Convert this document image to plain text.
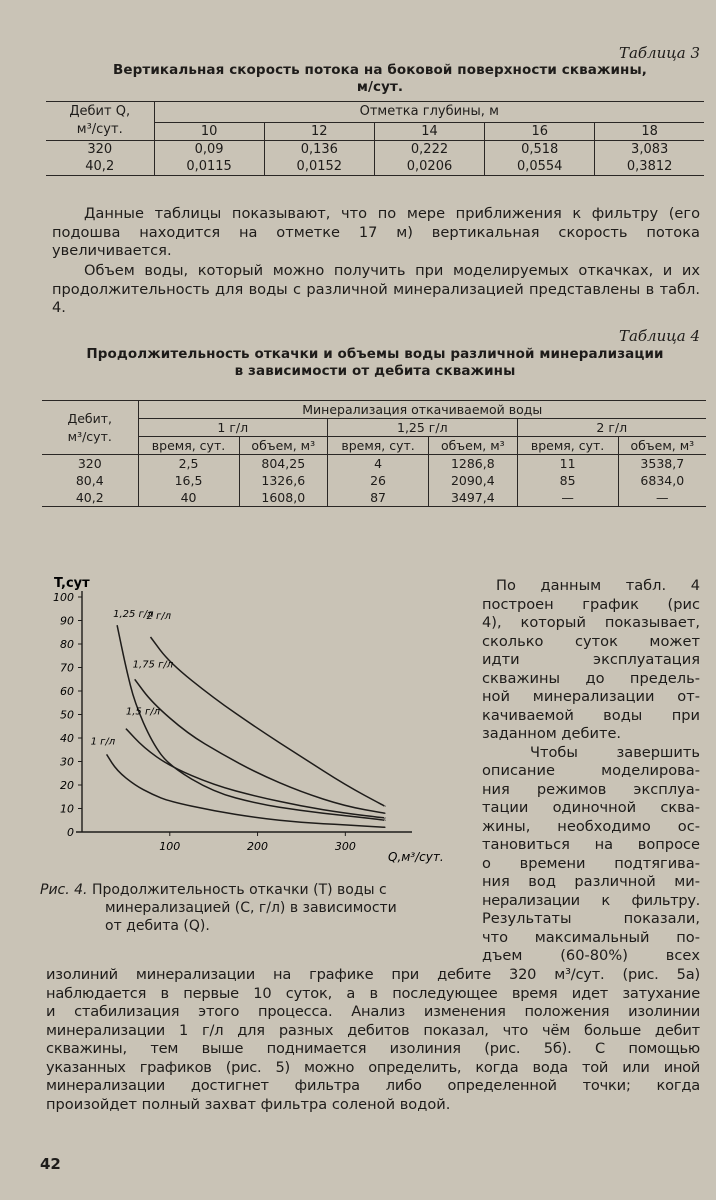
Таблица 3
Вертикальная скорость потока на боковой поверхности скважины,
м/сут.
Дебит Q,
м³/сут.	Отметка глубины, м				
	10	12	14	16	18
320	0,09	0,136	0,222	0,518	3,083
40,2	0,0115	0,0152	0,0206	0,0554	0,3812
Данные таблицы показывают, что по мере приближения к фильтру (его подошва находится на отметке 17 м) вертикальная скорость потока увеличивается.
Объем воды, который можно получить при моделируемых откачках, и их продолжительность для воды с различной минерализацией представлены в табл. 4.
Таблица 4
Продолжительность откачки и объемы воды различной минерализации
в зависимости от дебита скважины
Дебит,
м³/сут.	Минерализация откачиваемой воды					
	1 г/л		1,25 г/л		2 г/л	
	время, сут.	объем, м³	время, сут.	объем, м³	время, сут.	объем, м³
320	2,5	804,25	4	1286,8	11	3538,7
80,4	16,5	1326,6	26	2090,4	85	6834,0
40,2	40	1608,0	87	3497,4	—	—
0
10
20
30
40
50
60
70
80
90
100
100	200	300
1,25 г/л
2 г/л
1,75 г/л
1,5 г/л
1 г/л
T,сут
Q,м³/сут.
Рис. 4. Продолжительность откачки (T) воды с
минерализацией (C, г/л) в зависимости
от дебита (Q).
По данным табл. 4
построен график (рис
4), который показывает,
сколько суток может
идти эксплуатация
скважины до предель-
ной минерализации от-
качиваемой воды при
заданном дебите.
Чтобы завершить
описание моделирова-
ния режимов эксплуа-
тации одиночной сква-
жины, необходимо ос-
тановиться на вопросе
о времени подтягива-
ния вод различной ми-
нерализации к фильтру.
Результаты показали,
что максимальный по-
дъем (60-80%) всех
изолиний минерализации на графике при дебите 320 м³/сут. (рис. 5а)
наблюдается в первые 10 суток, а в последующее время идет затухание
и стабилизация этого процесса. Анализ изменения положения изолинии
минерализации 1 г/л для разных дебитов показал, что чём больше дебит
скважины, тем выше поднимается изолиния (рис. 5б). С помощью
указанных графиков (рис. 5) можно определить, когда вода той или иной
минерализации достигнет фильтра либо определенной точки; когда
произойдет полный захват фильтра соленой водой.
42
